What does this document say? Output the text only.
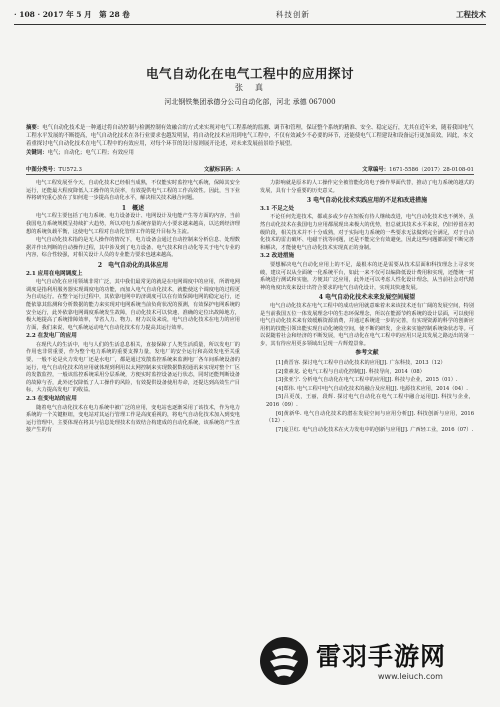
· 108 · 2017 年 5 月　第 28 卷	科技创新	工程技术
电气自动化在电气工程中的应用探讨
张　真
河北钢铁集团承德分公司自动化部，河北 承德 067000
摘要：电气自动化技术是一种通过将自动控制与检测控制有效融合的方式来实现对电气工程系统的监测、调节和管理，保证整个系统的精准、安全、稳定运行，尤其在近年来，随着我国电气工程水平发展的不断提高，电气自动化技术在各行业要求也越发明显，将自动化技术应用到电气工程中，不仅有效减少不必要的环节，还能使电气工程建设和设备运行更加高效，因此，本文着重探讨电气自动化技术在电气工程中的有效应用，对每个环节的设计原则展开论述，对未来发展前景给予展望。
关键词：电气；自动化；电气工程；有效应用
中图分类号：TU572.3	文献标识码：A	文章编号：1671-5586（2017）28-0108-01

电气工程发展至今天，自动化技术已经相当成熟，不仅能实时监控电气系统，保障其安全运行，还能最大程度降低人工操作的失误率，有效提供电气工程的工作高效性。因此，当下业界将研究重心放在了如何进一步提高自动化水平，解决相关技术融合问题。

1　概述

电气工程主要包括了电力系统、电力设备设计、电网设计及电能产生等方面的内容，当前我国电力系统规模呈持续扩大趋势，所以对电力系统容量的大小要求越来越高，以达到经济理想的系统负载平衡，这使电气工程对自动化管理工作的提升目标为主流。

电气自动化技术指的是无人操作的情况下，电力设备会通过自动控制来分析信息、处理数据并作出判断的自动操作过程，其中涉及到了电力设备、电气技术和自动化等关于电气专业的内容，综合性较强，对相关设计人员的专业能力要求也越来越高。

2　电气自动化的具体应用
2.1 应用在电网调度上

电气自动化在应用领域非常广泛，其中我们最常见的就是在电网调度中的应用，所谓电网调度是指利用服务器实现调度电的功能，而加入电气自动化技术，就能使这个调度电的过程更为自动运行。在整个运行过程中，其依靠电网中的济调度可以在有效保障电网的稳定运行，还能依靠其监测和分析数据的能力来实现对电网系统当前负荷状况的预测，有效保护电网系统的安全运行，此外依靠电网调度系统发生故障，自动化技术可以快速、准确的定位出故障地方，极大地提高了系统排障效率，节省人力、物力、财力以及来说，电气自动化技术在电力的应用方面，我们来说，电气系统运动电气自动化技术有力提高其运行效率。

2.2 在发电厂的应用

在现代人的生活中，电与人们的生活息息相关，直接保障了人类生活质量，所以发电厂的作用也非常重要，作为整个电力系统的重要支撑力量，发电厂的安全运行和高效发电至关重要，一般不论是火力发电厂还是水电厂，都是通过发散监控系统来监测电厂各车间系统设备的运行，电气自动化技术的应用就体现到利用以太网控制来实现数据数据通讯来实现对整个厂区的发散监控，一般该监控系统采用分层系统，方便实时监控设备运行状态，同时还能判断设备的故障与否，此外还仅降低了人工操作的风险，有效提供设备使用寿命，还提达到高效生产目标，大力提高发电厂的收益。

2.3 在变电站的应用

随着电气自动化技术在电力系统中被广泛的应用，变电站也逐渐采用了该技术，作为电力系统的一个关键枢纽，变电站对其运行管理工作是高度重视的，将电气自动化技术加入到变电运行管理中，主要体现在将其与信息处理技术有效结合构建成的自动化系统，该系统的产生直接产生的有

力影响就是原本的人工操作完全被管能化的电子操作界面代替，推动了电力系统的越式的发展，具有十分重要的历史意义。

3 电气自动化技术实践应用的不足和改进措施
3.1 不足之处

不论任何先进技术，都或多或少存在短板有待人继续改进，电气自动化技术也不例外，虽然自动化技术在我国电力应用都展现出来极大的优势，但总就其技术水平来说，仍旧停留在初级阶段，相关技术并不十分成熟，对于实际电力系统的一些要求无法做到完全满足，对于自动化技术的雷击破坏、电磁干扰等问题，还是不能完全有效避免，因此这些问题都需要不断完善和解决，才能使电气自动化技术实现真正的身制。

3.2 改进措施

要想解决电气自动化应用上的不足，最根本的还是需要从技术层面和科技理念上寻求突破，建议可以从全面统一化系统平台，如此一来不仅可以编降低设计费用和实现，还能统一对系统进行测试和实施，方便其广泛应用，此外还可以考虑人性化设计理念，从当前社会对代精神的角度出发来设计出符合要求的电气自动化设计，实现其快速发展。

4 电气自动化技术未来发展空间展望

电气自动化技术在电气工程中的成功应用就意味着未来该技术还有广阔的发展空间，特别是当前我国五位一体发展理念中的生态环保理念，所以在能源节约系统的设计层面，可以使用电气自动化技术来有效缓解资源消费，并通过系统进一步的完善，有实现资源的科学的创新应用机的技能引领出能实现自动化统收空间，使不断的研发，企业来实施控制系统染状态等。可以说随着社会和经济的不断发展，电气自动化在电气工程中的应用只是其发展之路迈出的第一步，其有待应用更多领域出呈现一片辉煌景象。

参考文献

[1]黄晋容. 探讨电气工程中自动化技术的应用[J]. 广东科技，2013（12）

[2]蒙素龙. 论电气工程与自动化控制[J]. 科技导向，2014（08）

[3]张亚宁. 分析电气自动化在电气工程中的应用[J]. 科技与企业，2015（01）.

[4]郑伟. 电气工程中电气自动化技术的融合及应用[J]. 电源技术应用，2014（04）.

[5]吕更茂，王丽，段辉. 探讨电气自动化在电气工程中融合运用[J]. 科技与企业，2016（09）.

[6]黄新华. 电气自动化技术的潜在发展空间与应用分析[J]. 科技创新与应用，2016（12）.

[7]庞卫红. 电气自动化技术在火力发电中的创新与应用[J]. 广西轻工业，2016（07）.

雷羽手游网
www.leiuch.com
